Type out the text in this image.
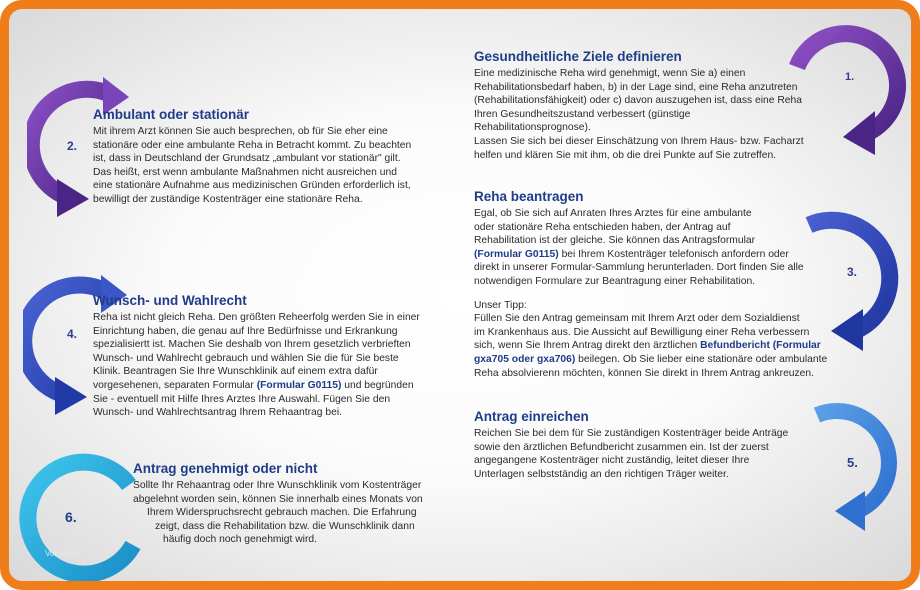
1.
2.
3.
4.
5.
6.
VorlaGen
Gesundheitliche Ziele definieren

Eine medizinische Reha wird genehmigt, wenn Sie a) einen

Rehabilitationsbedarf haben, b) in der Lage sind, eine Reha anzutreten

(Rehabilitationsfähigkeit) oder c) davon auszugehen ist, dass eine Reha

Ihren Gesundheitszustand verbessert (günstige Rehabilitationsprognose).

Lassen Sie sich bei dieser Einschätzung von Ihrem Haus- bzw. Facharzt

helfen und klären Sie mit ihm, ob die drei Punkte auf Sie zutreffen.

Ambulant oder stationär

Mit ihrem Arzt können Sie auch besprechen, ob für Sie eher eine

stationäre oder eine ambulante Reha in Betracht kommt. Zu beachten

ist, dass in Deutschland der Grundsatz „ambulant vor stationär" gilt.

Das heißt, erst wenn ambulante Maßnahmen nicht ausreichen und

eine stationäre Aufnahme aus medizinischen Gründen erforderlich ist,

bewilligt der zuständige Kostenträger eine stationäre Reha.	Reha beantragen

Egal, ob Sie sich auf Anraten Ihres Arztes für eine ambulante

oder stationäre Reha entschieden haben, der Antrag auf

Rehabilitation ist der gleiche. Sie können das Antragsformular

(Formular G0115) bei Ihrem Kostenträger telefonisch anfordern oder

direkt in unserer Formular-Sammlung herunterladen. Dort finden Sie alle

notwendigen Formulare zur Beantragung einer Rehabilitation.

Unser Tipp:

Füllen Sie den Antrag gemeinsam mit Ihrem Arzt oder dem Sozialdienst

im Krankenhaus aus. Die Aussicht auf Bewilligung einer Reha verbessern

sich, wenn Sie Ihrem Antrag direkt den ärztlichen Befundbericht (Formular

gxa705 oder gxa706) beilegen. Ob Sie lieber eine stationäre oder ambulante

Reha absolvierenn möchten, können Sie direkt in Ihrem Antrag ankreuzen.

Wunsch- und Wahlrecht

Reha ist nicht gleich Reha. Den größten Reheerfolg werden Sie in einer

Einrichtung haben, die genau auf Ihre Bedürfnisse und Erkrankung

spezialisiertt ist. Machen Sie deshalb von Ihrem gesetzlich verbrieften

Wunsch- und Wahlrecht gebrauch und wählen Sie die für Sie beste

Klinik. Beantragen Sie Ihre Wunschklinik auf einem extra dafür

vorgesehenen, separaten Formular (Formular G0115) und begründen

Sie - eventuell mit Hilfe Ihres Arztes Ihre Auswahl. Fügen Sie den

Wunsch- und Wahlrechtsantrag Ihrem Rehaantrag bei.	Antrag einreichen

Reichen Sie bei dem für Sie zuständigen Kostenträger beide Anträge

sowie den ärztlichen Befundbericht zusammen ein. Ist der zuerst

angegangene Kostenträger nicht zuständig, leitet dieser Ihre

Unterlagen selbstständig an den richtigen Träger weiter.

Antrag genehmigt oder nicht

Sollte Ihr Rehaantrag oder Ihre Wunschklinik vom Kostenträger

abgelehnt worden sein, können Sie innerhalb eines Monats von

Ihrem Widerspruchsrecht gebrauch machen. Die Erfahrung

zeigt, dass die Rehabilitation bzw. die Wunschklinik dann

häufig doch noch genehmigt wird.
